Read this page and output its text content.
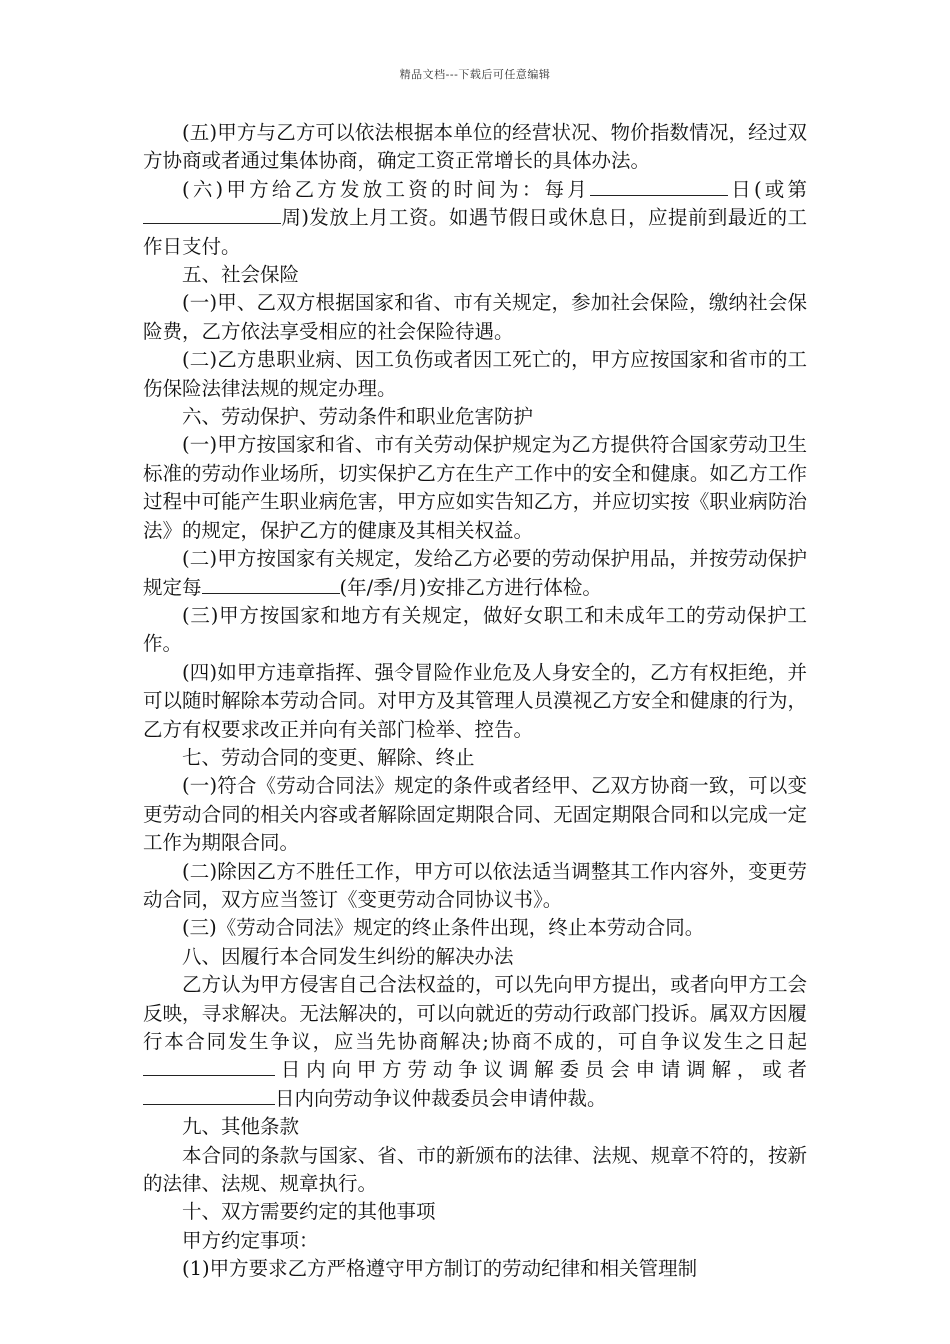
精品文档---下载后可任意编辑

(五)甲方与乙方可以依法根据本单位的经营状况、物价指数情况，经过双方协商或者通过集体协商，确定工资正常增长的具体办法。

(六)甲方给乙方发放工资的时间为：每月	日(或第周)发放上月工资。如遇节假日或休息日，应提前到最近的工作日支付。

五、社会保险

(一)甲、乙双方根据国家和省、市有关规定，参加社会保险，缴纳社会保险费，乙方依法享受相应的社会保险待遇。

(二)乙方患职业病、因工负伤或者因工死亡的，甲方应按国家和省市的工伤保险法律法规的规定办理。

六、劳动保护、劳动条件和职业危害防护

(一)甲方按国家和省、市有关劳动保护规定为乙方提供符合国家劳动卫生标准的劳动作业场所，切实保护乙方在生产工作中的安全和健康。如乙方工作过程中可能产生职业病危害，甲方应如实告知乙方，并应切实按《职业病防治法》的规定，保护乙方的健康及其相关权益。

(二)甲方按国家有关规定，发给乙方必要的劳动保护用品，并按劳动保护规定每	(年/季/月)安排乙方进行体检。

(三)甲方按国家和地方有关规定，做好女职工和未成年工的劳动保护工作。

(四)如甲方违章指挥、强令冒险作业危及人身安全的，乙方有权拒绝，并可以随时解除本劳动合同。对甲方及其管理人员漠视乙方安全和健康的行为，乙方有权要求改正并向有关部门检举、控告。

七、劳动合同的变更、解除、终止

(一)符合《劳动合同法》规定的条件或者经甲、乙双方协商一致，可以变更劳动合同的相关内容或者解除固定期限合同、无固定期限合同和以完成一定工作为期限合同。

(二)除因乙方不胜任工作，甲方可以依法适当调整其工作内容外，变更劳动合同，双方应当签订《变更劳动合同协议书》。

(三)《劳动合同法》规定的终止条件出现，终止本劳动合同。

八、因履行本合同发生纠纷的解决办法

乙方认为甲方侵害自己合法权益的，可以先向甲方提出，或者向甲方工会反映，寻求解决。无法解决的，可以向就近的劳动行政部门投诉。属双方因履行本合同发生争议，应当先协商解决;协商不成的，可自争议发生之日起日内向甲方劳动争议调解委员会申请调解，或者日内向劳动争议仲裁委员会申请仲裁。

九、其他条款

本合同的条款与国家、省、市的新颁布的法律、法规、规章不符的，按新的法律、法规、规章执行。

十、双方需要约定的其他事项

甲方约定事项：

(1)甲方要求乙方严格遵守甲方制订的劳动纪律和相关管理制
